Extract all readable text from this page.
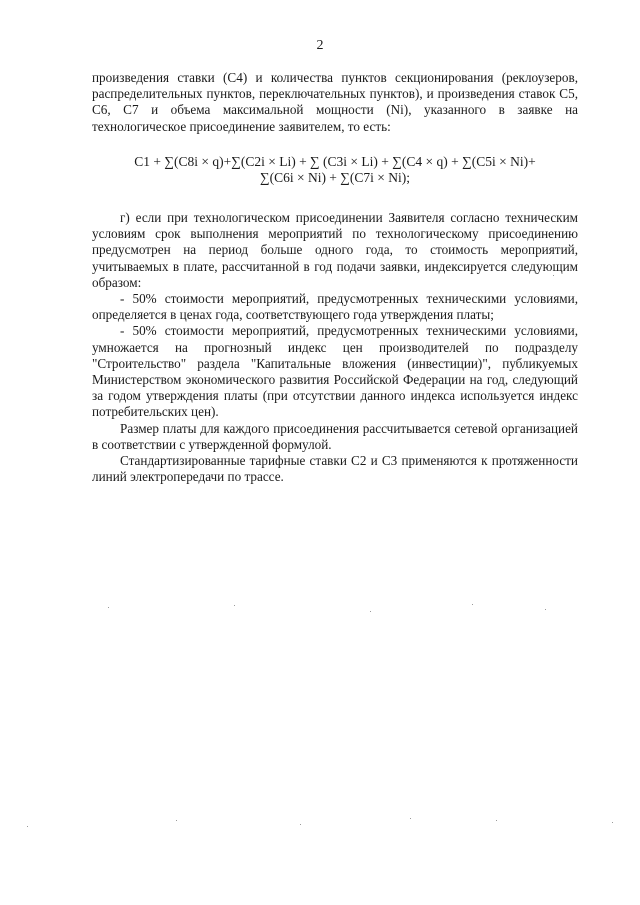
2

произведения ставки (С4) и количества пунктов секционирования (реклоузеров, распределительных пунктов, переключательных пунктов), и произведения ставок С5, С6, С7 и объема максимальной мощности (Ni), указанного в заявке на технологическое присоединение заявителем, то есть:

C1 + ∑(C8i × q)+∑(C2i × Li) + ∑ (C3i × Li) + ∑(C4 × q) + ∑(C5i × Ni)+

∑(C6i × Ni) + ∑(C7i × Ni);

г) если при технологическом присоединении Заявителя согласно техническим условиям срок выполнения мероприятий по технологическому присоединению предусмотрен на период больше одного года, то стоимость мероприятий, учитываемых в плате, рассчитанной в год подачи заявки, индексируется следующим образом:

- 50% стоимости мероприятий, предусмотренных техническими условиями, определяется в ценах года, соответствующего года утверждения платы;

- 50% стоимости мероприятий, предусмотренных техническими условиями, умножается на прогнозный индекс цен производителей по подразделу "Строительство" раздела "Капитальные вложения (инвестиции)", публикуемых Министерством экономического развития Российской Федерации на год, следующий за годом утверждения платы (при отсутствии данного индекса используется индекс потребительских цен).

Размер платы для каждого присоединения рассчитывается сетевой организацией в соответствии с утвержденной формулой.

Стандартизированные тарифные ставки С2 и С3 применяются к протяженности линий электропередачи по трассе.
